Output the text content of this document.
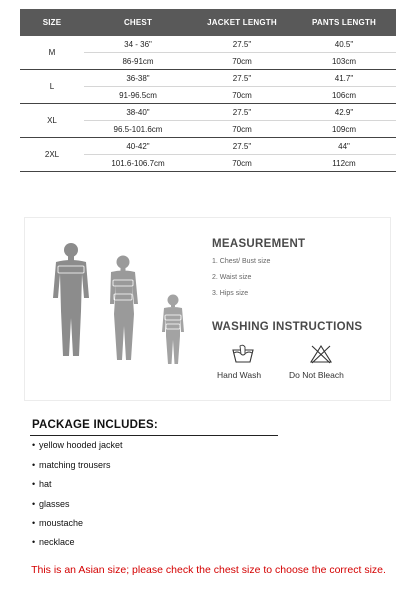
SIZE	CHEST	JACKET LENGTH	PANTS LENGTH
M	34 - 36"	27.5"	40.5"
	86-91cm	70cm	103cm
L	36-38"	27.5"	41.7"
	91-96.5cm	70cm	106cm
XL	38-40"	27.5"	42.9"
	96.5-101.6cm	70cm	109cm
2XL	40-42"	27.5"	44"
	101.6-106.7cm	70cm	112cm
MEASUREMENT
1. Chest/ Bust size
2. Waist size
3. Hips size
WASHING INSTRUCTIONS
Hand Wash	Do Not Bleach
PACKAGE INCLUDES:
• yellow hooded jacket
• matching trousers
• hat
• glasses
• moustache
• necklace
This is an Asian size; please check the chest size to choose the correct size.
